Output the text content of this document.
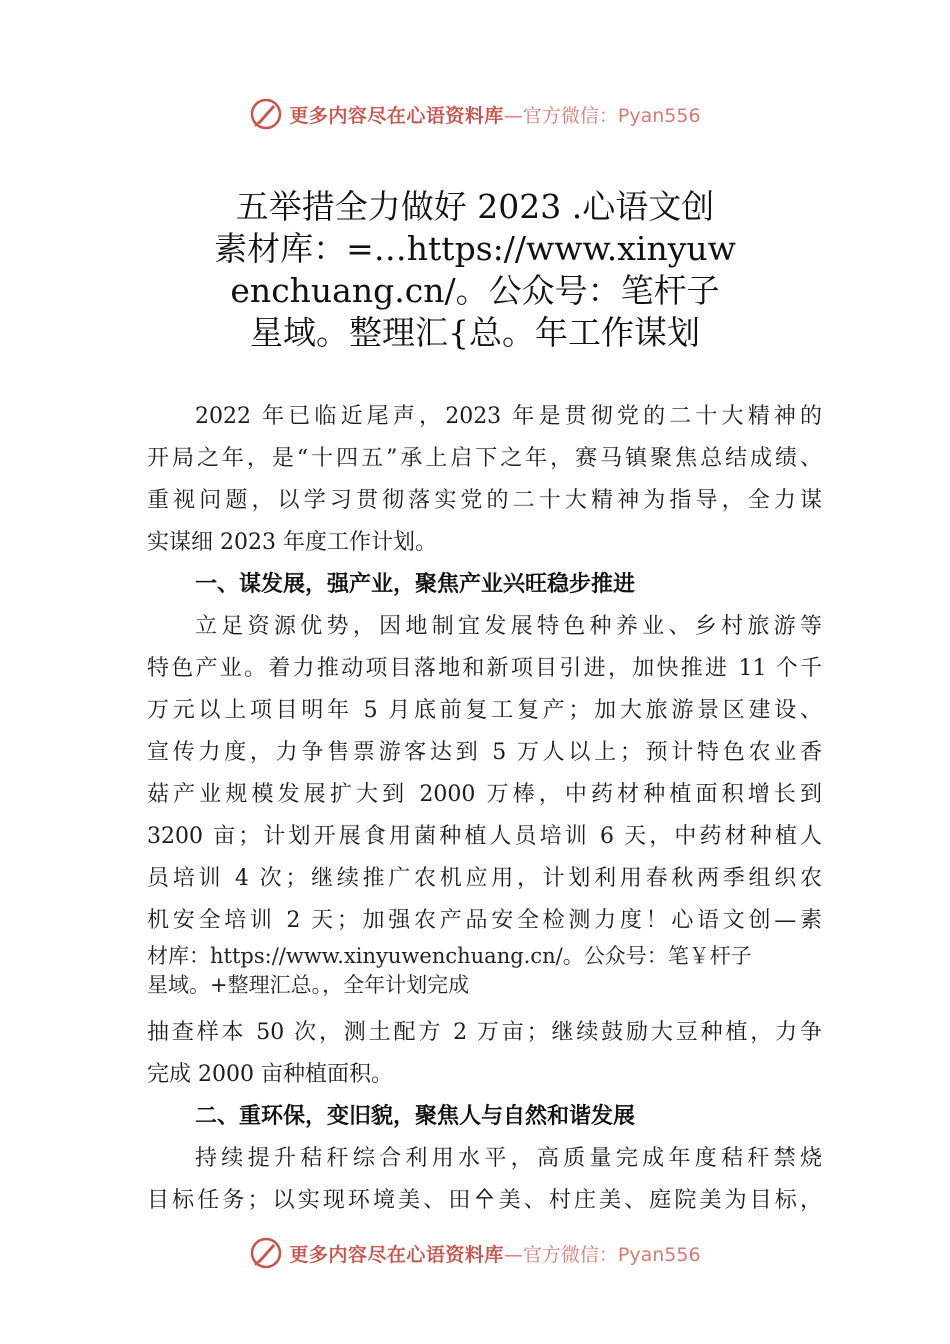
更多内容尽在心语资料库 —官方微信：Pyan556
五举措全力做好 2023 .心语文创
素材库：=…https://www.xinyuw
enchuang.cn/。公众号：笔杆子
星域。整理汇{总。年工作谋划
2022 年已临近尾声，2023 年是贯彻党的二十大精神的
开局之年，是“十四五”承上启下之年，赛马镇聚焦总结成绩、
重视问题，以学习贯彻落实党的二十大精神为指导，全力谋
实谋细 2023 年度工作计划。
一、谋发展，强产业，聚焦产业兴旺稳步推进
立足资源优势，因地制宜发展特色种养业、乡村旅游等
特色产业。着力推动项目落地和新项目引进，加快推进 11 个千
万元以上项目明年 5 月底前复工复产；加大旅游景区建设、
宣传力度，力争售票游客达到 5 万人以上；预计特色农业香
菇产业规模发展扩大到 2000 万棒，中药材种植面积增长到
3200 亩；计划开展食用菌种植人员培训 6 天，中药材种植人
员培训 4 次；继续推广农机应用，计划利用春秋两季组织农
机安全培训 2 天；加强农产品安全检测力度！心语文创—素
材库：https://www.xinyuwenchuang.cn/。公众号：笔￥杆子
星域。+整理汇总。，全年计划完成
抽查样本 50 次，测土配方 2 万亩；继续鼓励大豆种植，力争
完成 2000 亩种植面积。
二、重环保，变旧貌，聚焦人与自然和谐发展
持续提升秸秆综合利用水平，高质量完成年度秸秆禁烧
目标任务；以实现环境美、田㐃美、村庄美、庭院美为目标，
更多内容尽在心语资料库 —官方微信：Pyan556
